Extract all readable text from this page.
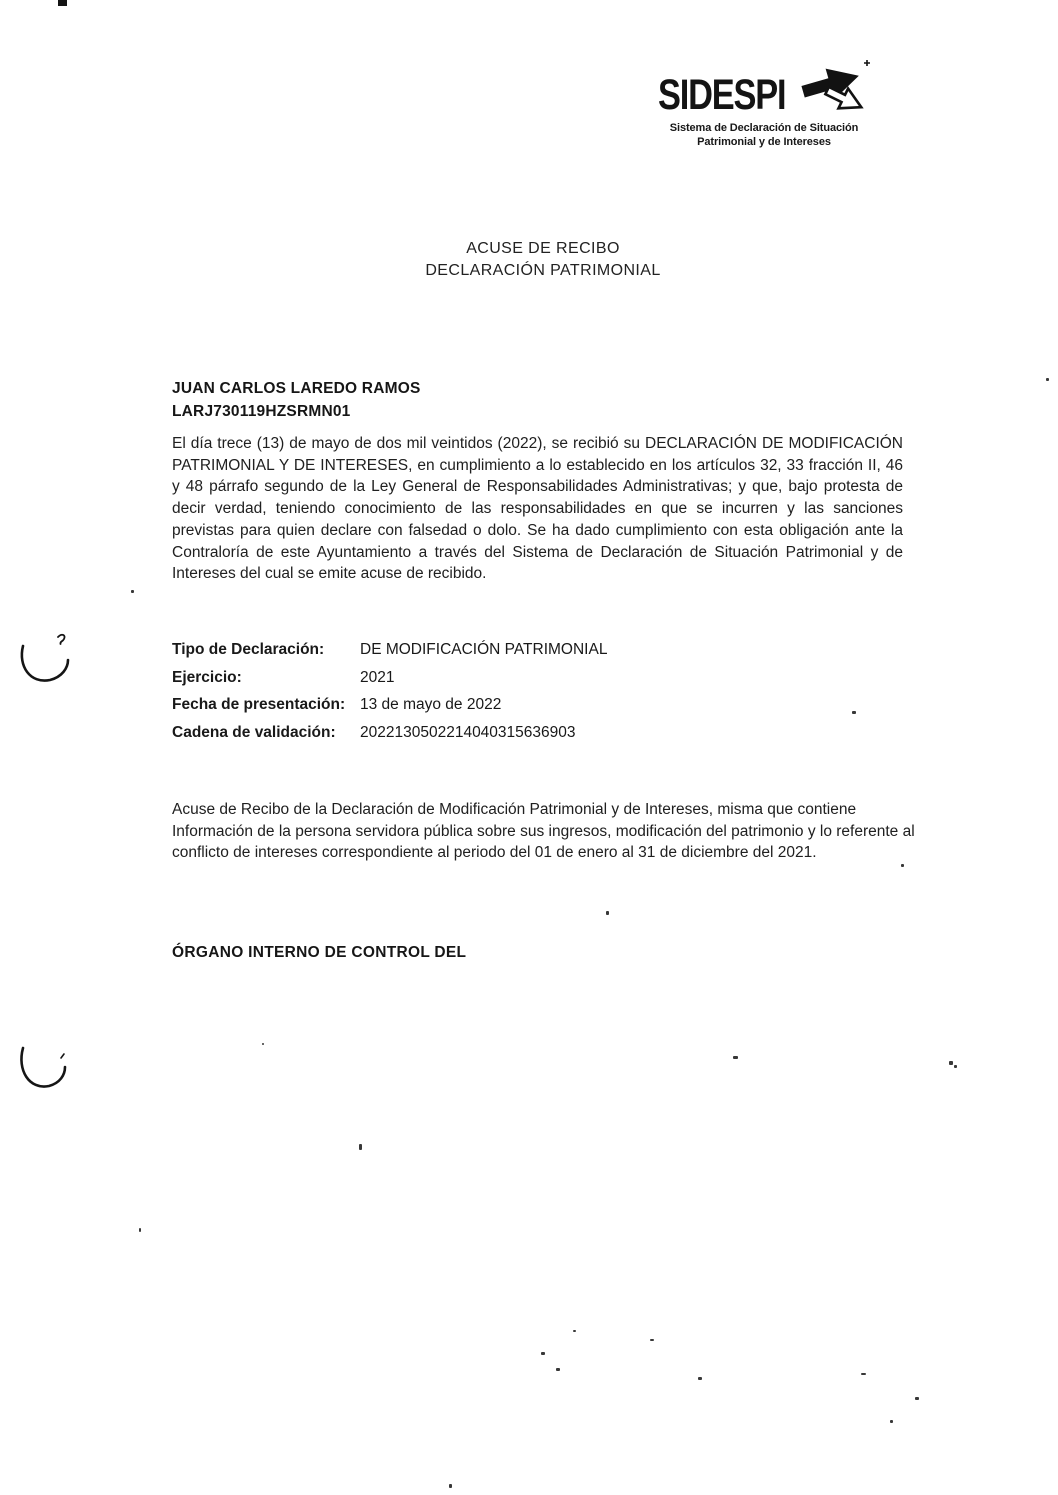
SIDESPI
Sistema de Declaración de Situación
Patrimonial y de Intereses
ACUSE DE RECIBO
DECLARACIÓN PATRIMONIAL
JUAN CARLOS LAREDO RAMOS
LARJ730119HZSRMN01
El día trece (13) de mayo de dos mil veintidos (2022), se recibió su DECLARACIÓN DE MODIFICACIÓN PATRIMONIAL Y DE INTERESES, en cumplimiento a lo establecido en los artículos 32, 33 fracción II, 46 y 48 párrafo segundo de la Ley General de Responsabilidades Administrativas; y que, bajo protesta de decir verdad, teniendo conocimiento de las responsabilidades en que se incurren y las sanciones previstas para quien declare con falsedad o dolo. Se ha dado cumplimiento con esta obligación ante la Contraloría de este Ayuntamiento a través del Sistema de Declaración de Situación Patrimonial y de Intereses del cual se emite acuse de recibido.
Tipo de Declaración:	DE MODIFICACIÓN PATRIMONIAL
Ejercicio:	2021
Fecha de presentación: 13 de mayo de 2022
Cadena de validación:	2022130502214040315636903
Acuse de Recibo de la Declaración de Modificación Patrimonial y de Intereses, misma que contiene Información de la persona servidora pública sobre sus ingresos, modificación del patrimonio y lo referente al conflicto de intereses correspondiente al periodo del 01 de enero al 31 de diciembre del 2021.
ÓRGANO INTERNO DE CONTROL DEL
